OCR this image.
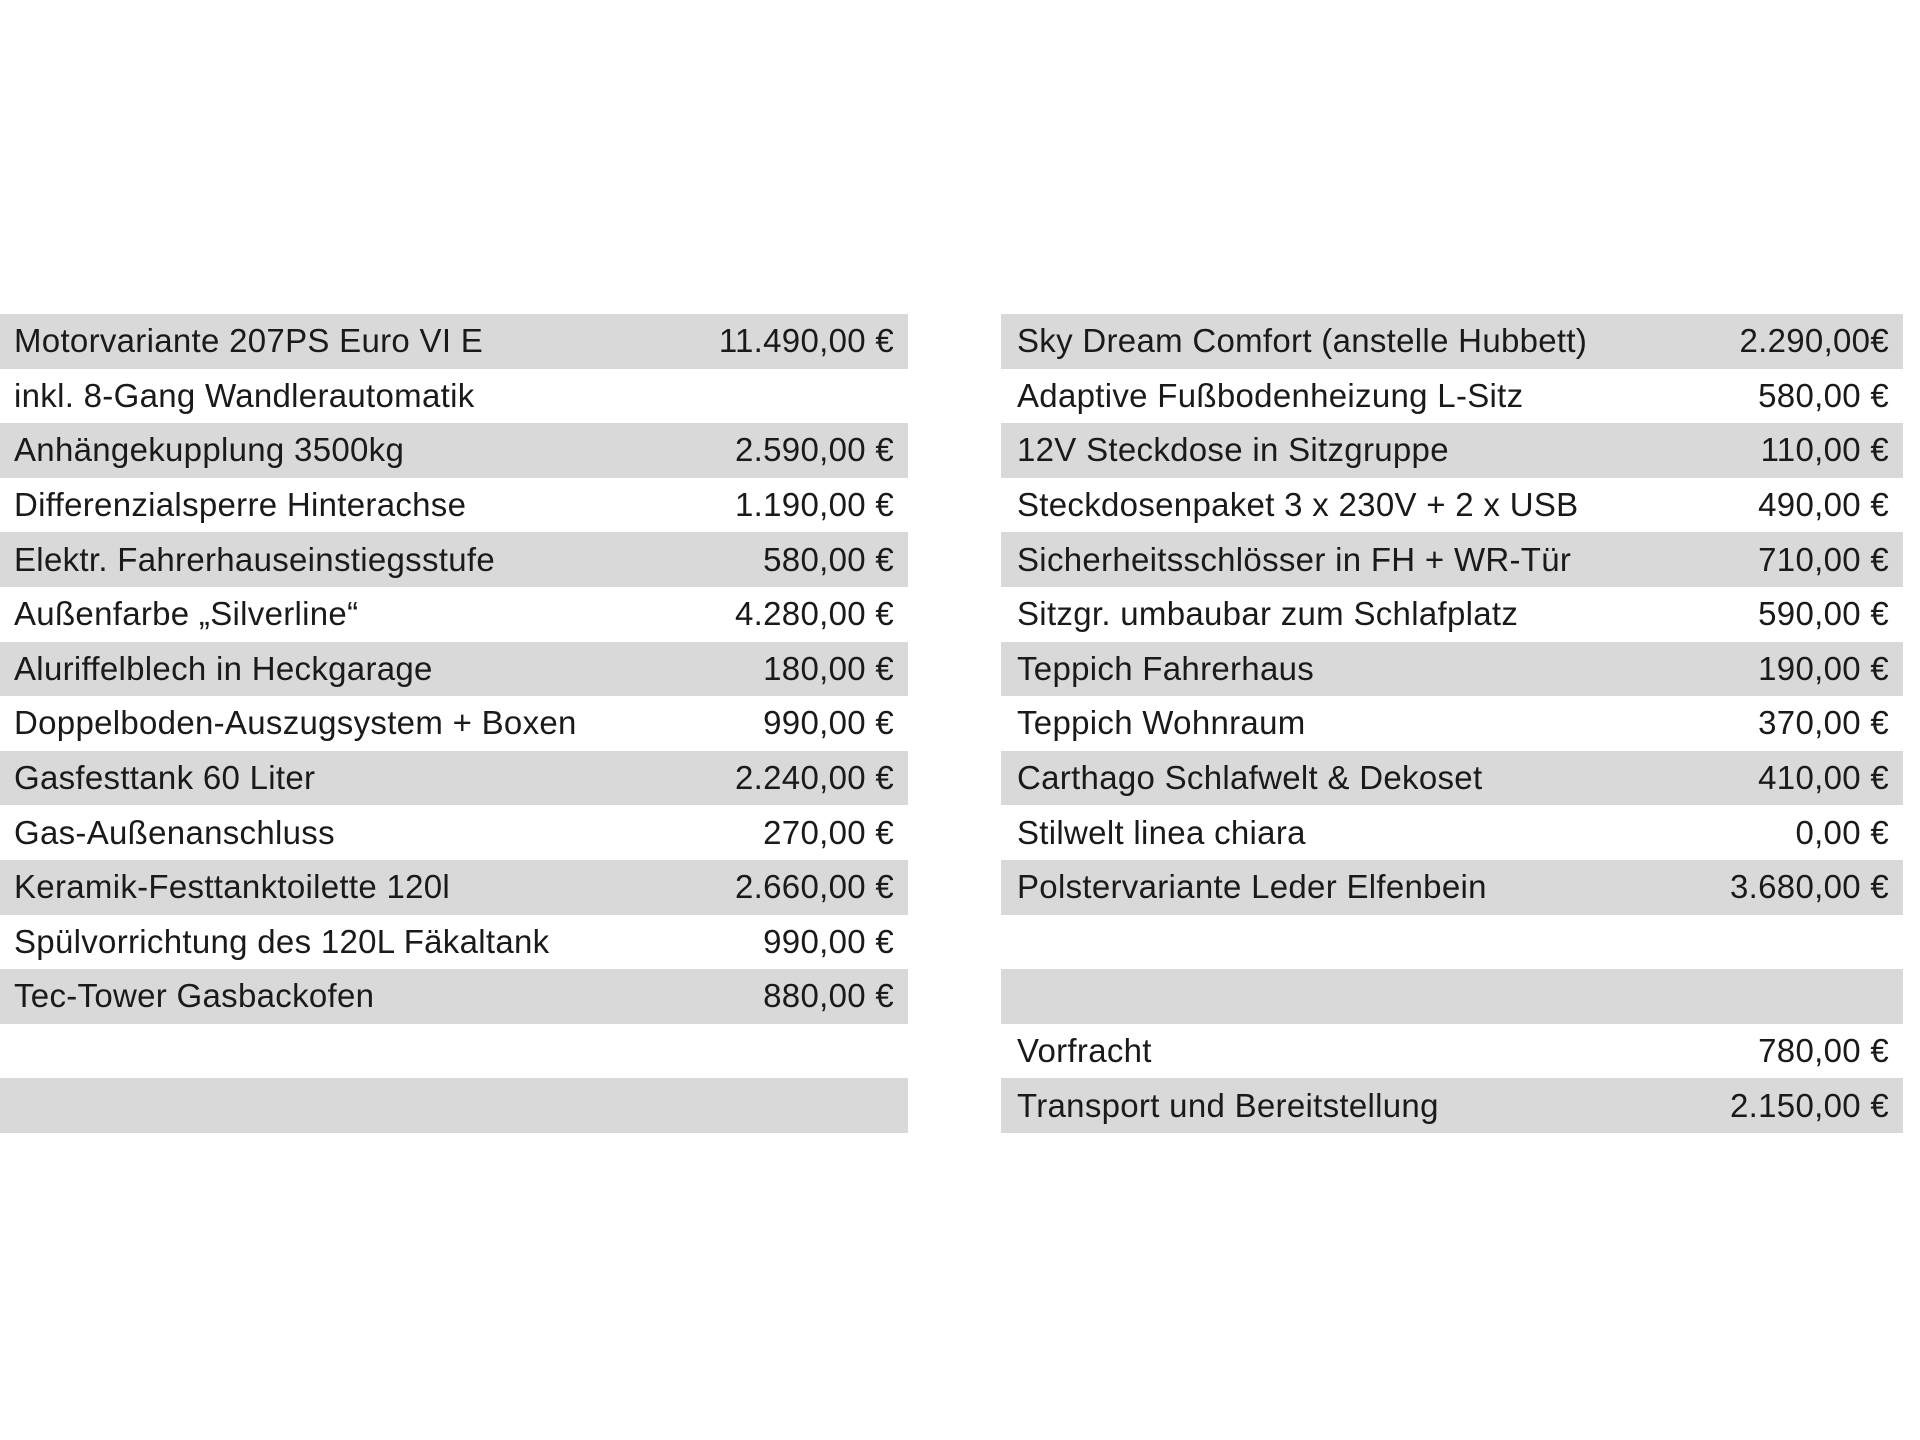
Motorvariante 207PS Euro VI E	11.490,00 €
inkl. 8-Gang Wandlerautomatik
Anhängekupplung 3500kg	2.590,00 €
Differenzialsperre Hinterachse	1.190,00 €
Elektr. Fahrerhauseinstiegsstufe	580,00 €
Außenfarbe „Silverline“	4.280,00 €
Aluriffelblech in Heckgarage	180,00 €
Doppelboden-Auszugsystem + Boxen	990,00 €
Gasfesttank 60 Liter	2.240,00 €
Gas-Außenanschluss	270,00 €
Keramik-Festtanktoilette 120l	2.660,00 €
Spülvorrichtung des 120L Fäkaltank	990,00 €
Tec-Tower Gasbackofen	880,00 €
Sky Dream Comfort (anstelle Hubbett)	2.290,00€
Adaptive Fußbodenheizung L-Sitz	580,00 €
12V Steckdose in Sitzgruppe	110,00 €
Steckdosenpaket 3 x 230V + 2 x USB	490,00 €
Sicherheitsschlösser in FH + WR-Tür	710,00 €
Sitzgr. umbaubar zum Schlafplatz	590,00 €
Teppich Fahrerhaus	190,00 €
Teppich Wohnraum	370,00 €
Carthago Schlafwelt & Dekoset	410,00 €
Stilwelt linea chiara	0,00 €
Polstervariante Leder Elfenbein	3.680,00 €
Vorfracht	780,00 €
Transport und Bereitstellung	2.150,00 €
